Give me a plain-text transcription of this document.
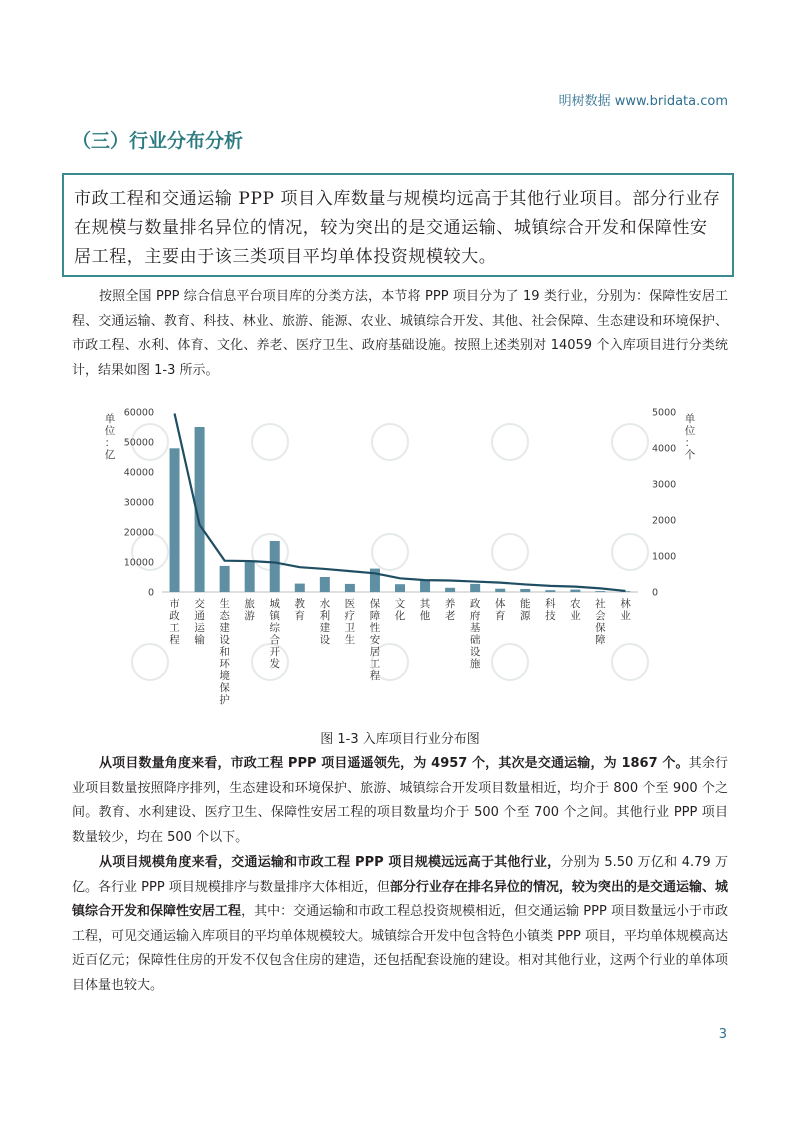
明树数据 www.bridata.com
（三）行业分布分析
市政工程和交通运输 PPP 项目入库数量与规模均远高于其他行业项目。部分行业存在规模与数量排名异位的情况，较为突出的是交通运输、城镇综合开发和保障性安居工程，主要由于该三类项目平均单体投资规模较大。

按照全国 PPP 综合信息平台项目库的分类方法，本节将 PPP 项目分为了 19 类行业，分别为：保障性安居工程、交通运输、教育、科技、林业、旅游、能源、农业、城镇综合开发、其他、社会保障、生态建设和环境保护、市政工程、水利、体育、文化、养老、医疗卫生、政府基础设施。按照上述类别对 14059 个入库项目进行分类统计，结果如图 1-3 所示。

0
10000
20000
30000
40000
50000
60000
0
1000
2000
3000
4000
5000
市政工程
交通运输
生态建设和环境保护
旅游
城镇综合开发
教育
水利建设
医疗卫生
保障性安居工程
文化
其他
养老
政府基础设施
体育
能源
科技
农业
社会保障
林业
单位：亿
单位：个
图 1-3 入库项目行业分布图

从项目数量角度来看，市政工程 PPP 项目遥遥领先，为 4957 个，其次是交通运输，为 1867 个。其余行业项目数量按照降序排列，生态建设和环境保护、旅游、城镇综合开发项目数量相近，均介于 800 个至 900 个之间。教育、水利建设、医疗卫生、保障性安居工程的项目数量均介于 500 个至 700 个之间。其他行业 PPP 项目数量较少，均在 500 个以下。

从项目规模角度来看，交通运输和市政工程 PPP 项目规模远远高于其他行业，分别为 5.50 万亿和 4.79 万亿。各行业 PPP 项目规模排序与数量排序大体相近，但部分行业存在排名异位的情况，较为突出的是交通运输、城镇综合开发和保障性安居工程，其中：交通运输和市政工程总投资规模相近，但交通运输 PPP 项目数量远小于市政工程，可见交通运输入库项目的平均单体规模较大。城镇综合开发中包含特色小镇类 PPP 项目，平均单体规模高达近百亿元；保障性住房的开发不仅包含住房的建造，还包括配套设施的建设。相对其他行业，这两个行业的单体项目体量也较大。

3
